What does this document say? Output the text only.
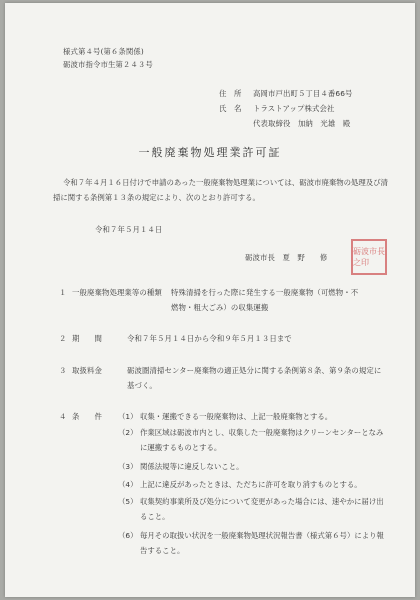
様式第４号(第６条関係)
砺波市指令市生第２４３号
住　所 高岡市戸出町５丁目４番66号
氏　名 トラストアップ株式会社
代表取締役　加納　光雄　殿
一般廃棄物処理業許可証
令和７年４月１６日付けで申請のあった一般廃棄物処理業については、砺波市廃棄物の処理及び清掃に関する条例第１３条の規定により、次のとおり許可する。
令和７年５月１４日
砺波市長　夏　野　　修
砺波 市長
之印
１ 一般廃棄物処理業等の種類 特殊清掃を行った際に発生する一般廃棄物（可燃物・不
燃物・粗大ごみ）の収集運搬
２ 期　　間	令和７年５月１４日から令和９年５月１３日まで
３ 取扱料金	砺波圏清掃センター廃棄物の適正処分に関する条例第８条、第９条の規定に
基づく。
４ 条　　件 （1） 収集・運搬できる一般廃棄物は、上記一般廃棄物とする。
（2） 作業区域は砺波市内とし、収集した一般廃棄物はクリーンセンターとなみ
に運搬するものとする。
（3） 関係法規等に違反しないこと。
（4） 上記に違反があったときは、ただちに許可を取り消すものとする。
（5） 収集契約事業所及び処分について変更があった場合には、速やかに届け出
ること。
（6） 毎月その取扱い状況を一般廃棄物処理状況報告書（様式第６号）により報
告すること。
